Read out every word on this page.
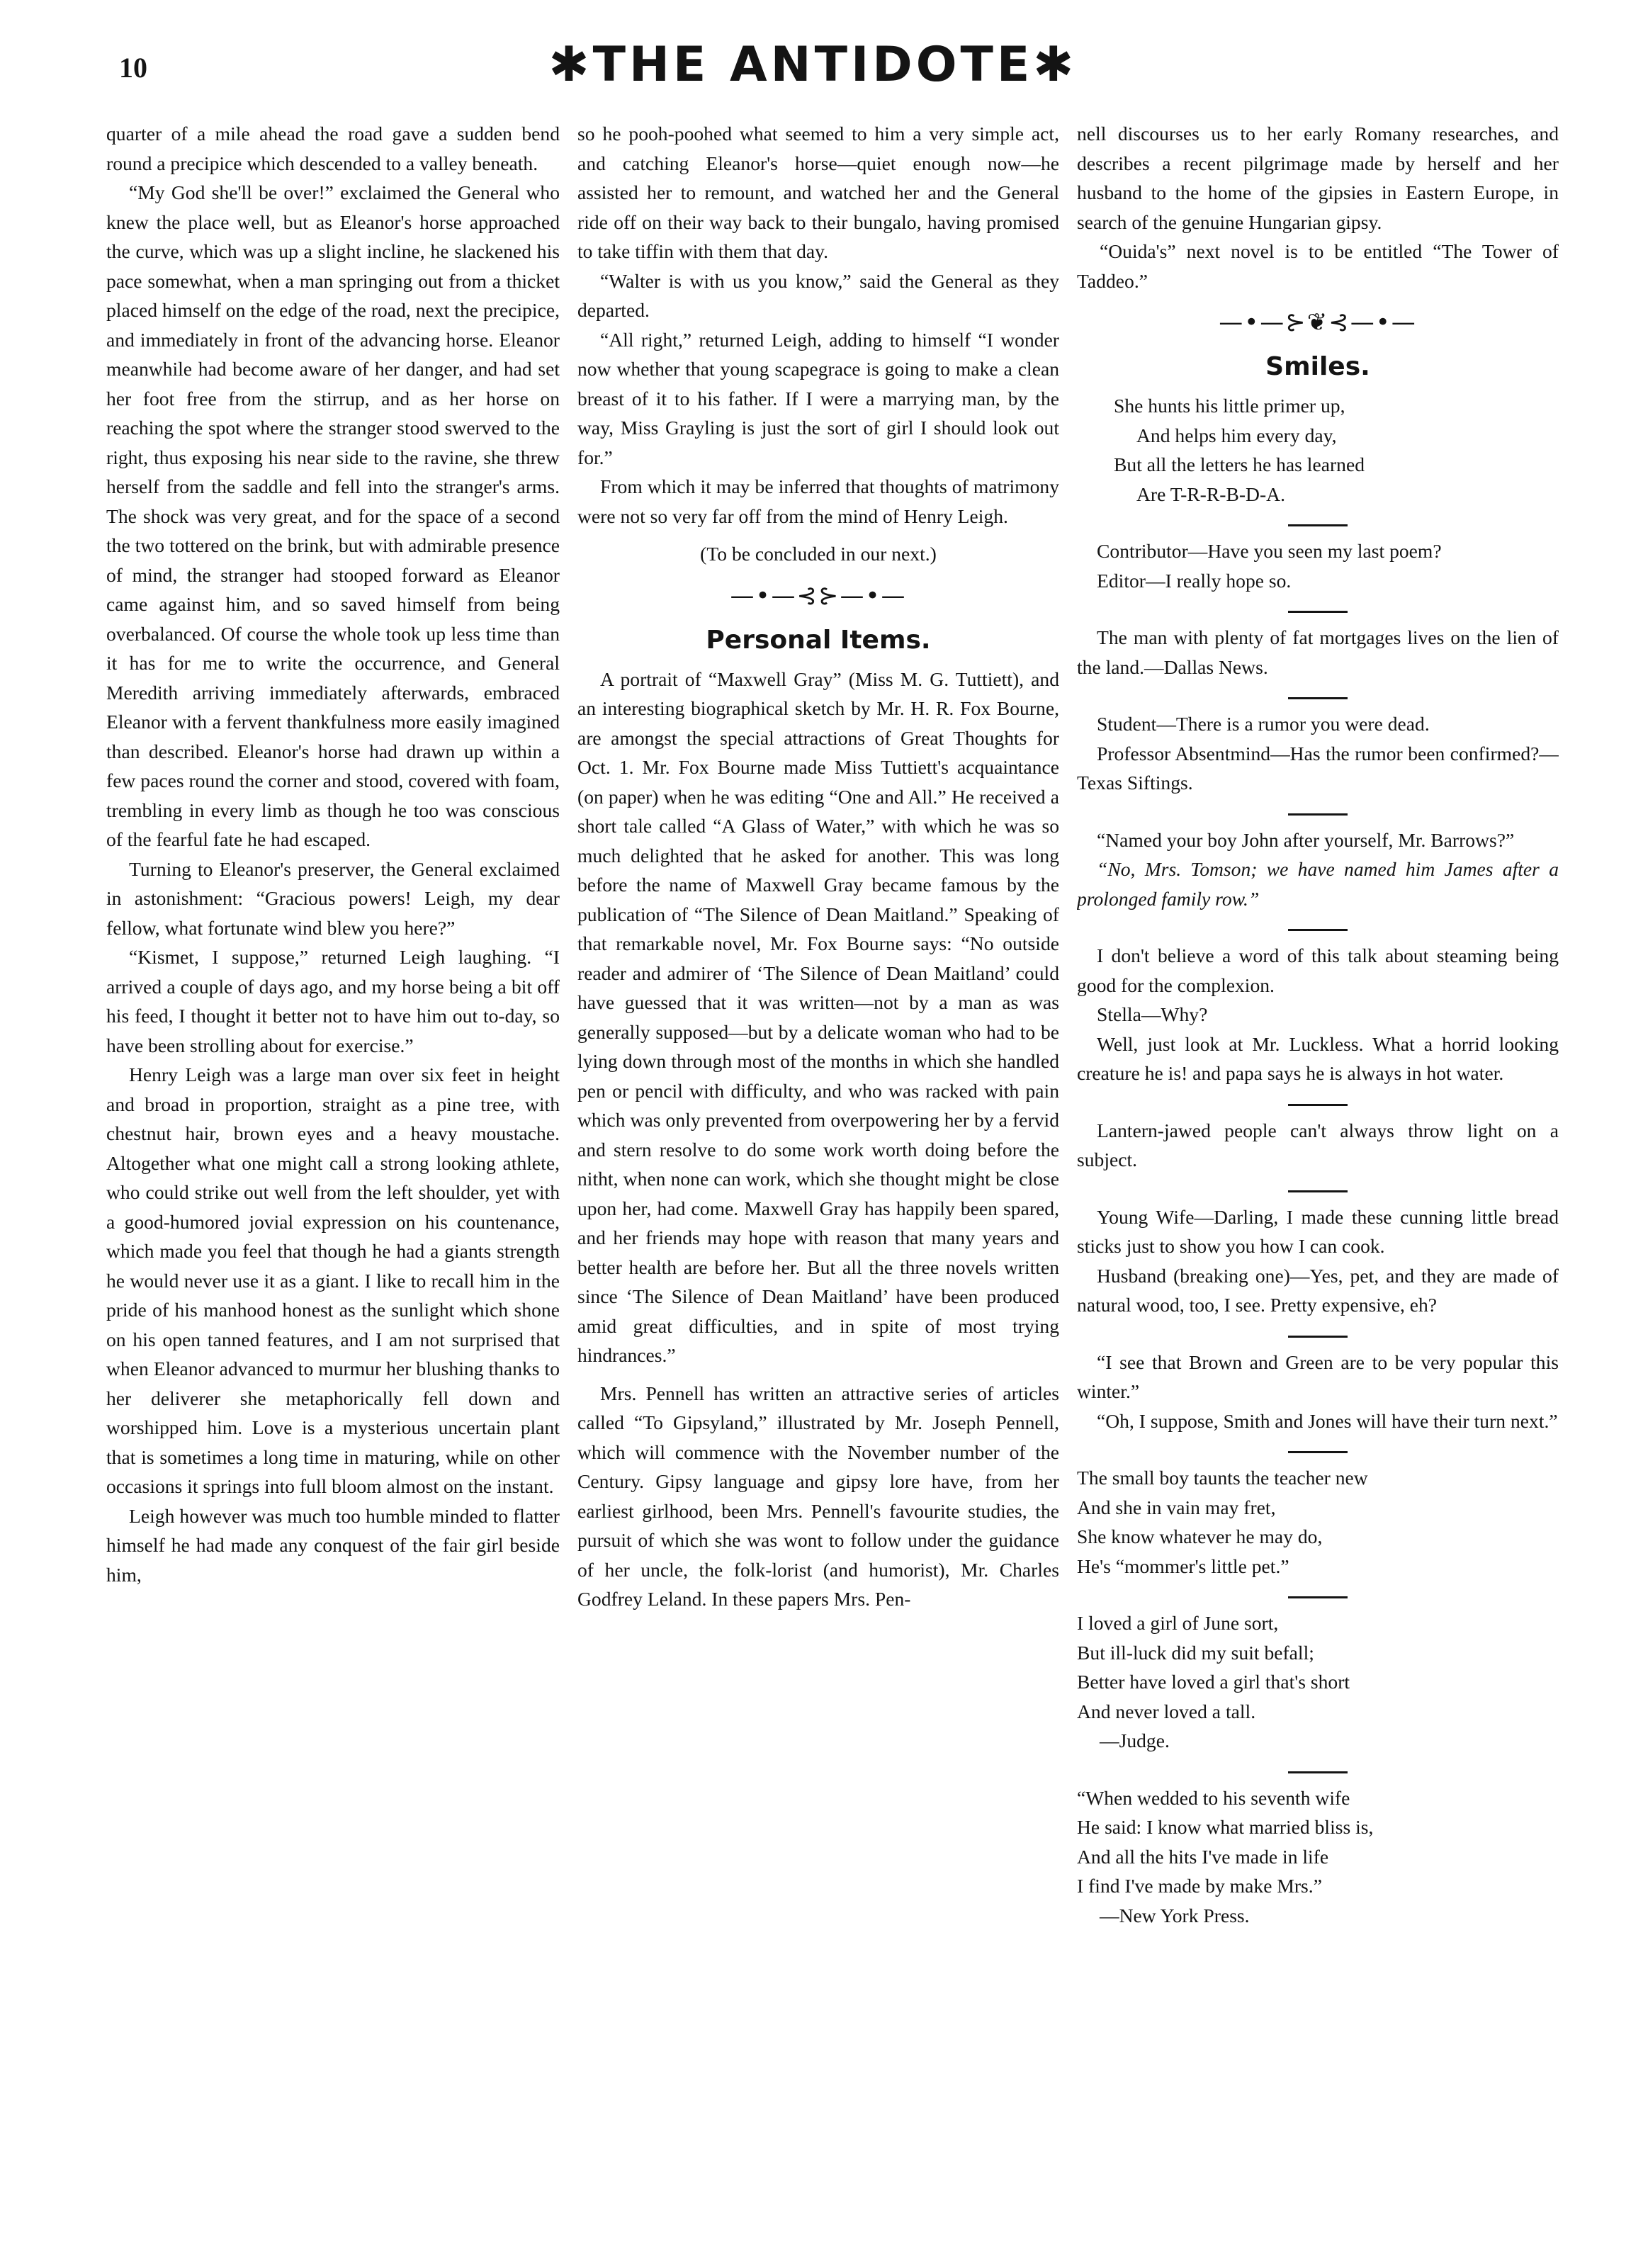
10	✱THE ANTIDOTE✱

quarter of a mile ahead the road gave a sudden bend round a precipice which descended to a valley beneath.

“My God she'll be over!” exclaimed the General who knew the place well, but as Eleanor's horse approached the curve, which was up a slight incline, he slackened his pace somewhat, when a man springing out from a thicket placed himself on the edge of the road, next the precipice, and immediately in front of the advancing horse. Eleanor meanwhile had become aware of her danger, and had set her foot free from the stirrup, and as her horse on reaching the spot where the stranger stood swerved to the right, thus exposing his near side to the ravine, she threw herself from the saddle and fell into the stranger's arms. The shock was very great, and for the space of a second the two tottered on the brink, but with admirable presence of mind, the stranger had stooped forward as Eleanor came against him, and so saved himself from being overbalanced. Of course the whole took up less time than it has for me to write the occurrence, and General Meredith arriving immediately afterwards, embraced Eleanor with a fervent thankfulness more easily imagined than described. Eleanor's horse had drawn up within a few paces round the corner and stood, covered with foam, trembling in every limb as though he too was conscious of the fearful fate he had escaped.

Turning to Eleanor's preserver, the General exclaimed in astonishment: “Gracious powers! Leigh, my dear fellow, what fortunate wind blew you here?”

“Kismet, I suppose,” returned Leigh laughing. “I arrived a couple of days ago, and my horse being a bit off his feed, I thought it better not to have him out to-day, so have been strolling about for exercise.”

Henry Leigh was a large man over six feet in height and broad in proportion, straight as a pine tree, with chestnut hair, brown eyes and a heavy moustache. Altogether what one might call a strong looking athlete, who could strike out well from the left shoulder, yet with a good-humored jovial expression on his countenance, which made you feel that though he had a giants strength he would never use it as a giant. I like to recall him in the pride of his manhood honest as the sunlight which shone on his open tanned features, and I am not surprised that when Eleanor advanced to murmur her blushing thanks to her deliverer she metaphorically fell down and worshipped him. Love is a mysterious uncertain plant that is sometimes a long time in maturing, while on other occasions it springs into full bloom almost on the instant.

Leigh however was much too humble minded to flatter himself he had made any conquest of the fair girl beside him,

so he pooh-poohed what seemed to him a very simple act, and catching Eleanor's horse—quiet enough now—he assisted her to remount, and watched her and the General ride off on their way back to their bungalo, having promised to take tiffin with them that day.

“Walter is with us you know,” said the General as they departed.

“All right,” returned Leigh, adding to himself “I wonder now whether that young scapegrace is going to make a clean breast of it to his father. If I were a marrying man, by the way, Miss Grayling is just the sort of girl I should look out for.”

From which it may be inferred that thoughts of matrimony were not so very far off from the mind of Henry Leigh.

(To be concluded in our next.)

—•—⊰⊱—•—
Personal Items.

A portrait of “Maxwell Gray” (Miss M. G. Tuttiett), and an interesting biographical sketch by Mr. H. R. Fox Bourne, are amongst the special attractions of Great Thoughts for Oct. 1. Mr. Fox Bourne made Miss Tuttiett's acquaintance (on paper) when he was editing “One and All.” He received a short tale called “A Glass of Water,” with which he was so much delighted that he asked for another. This was long before the name of Maxwell Gray became famous by the publication of “The Silence of Dean Maitland.” Speaking of that remarkable novel, Mr. Fox Bourne says: “No outside reader and admirer of ‘The Silence of Dean Maitland’ could have guessed that it was written—not by a man as was generally supposed—but by a delicate woman who had to be lying down through most of the months in which she handled pen or pencil with difficulty, and who was racked with pain which was only prevented from overpowering her by a fervid and stern resolve to do some work worth doing before the nitht, when none can work, which she thought might be close upon her, had come. Maxwell Gray has happily been spared, and her friends may hope with reason that many years and better health are before her. But all the three novels written since ‘The Silence of Dean Maitland’ have been produced amid great difficulties, and in spite of most trying hindrances.”

Mrs. Pennell has written an attractive series of articles called “To Gipsyland,” illustrated by Mr. Joseph Pennell, which will commence with the November number of the Century. Gipsy language and gipsy lore have, from her earliest girlhood, been Mrs. Pennell's favourite studies, the pursuit of which she was wont to follow under the guidance of her uncle, the folk-lorist (and humorist), Mr. Charles Godfrey Leland. In these papers Mrs. Pen-

nell discourses us to her early Romany researches, and describes a recent pilgrimage made by herself and her husband to the home of the gipsies in Eastern Europe, in search of the genuine Hungarian gipsy.

“Ouida's” next novel is to be entitled “The Tower of Taddeo.”

—•—⊱❦⊰—•—
Smiles.
She hunts his little primer up,
And helps him every day,
But all the letters he has learned
Are T-R-R-B-D-A.

Contributor—Have you seen my last poem?

Editor—I really hope so.

The man with plenty of fat mortgages lives on the lien of the land.—Dallas News.

Student—There is a rumor you were dead.

Professor Absentmind—Has the rumor been confirmed?—Texas Siftings.

“Named your boy John after yourself, Mr. Barrows?”

“No, Mrs. Tomson; we have named him James after a prolonged family row.”

I don't believe a word of this talk about steaming being good for the complexion.

Stella—Why?

Well, just look at Mr. Luckless. What a horrid looking creature he is! and papa says he is always in hot water.

Lantern-jawed people can't always throw light on a subject.

Young Wife—Darling, I made these cunning little bread sticks just to show you how I can cook.

Husband (breaking one)—Yes, pet, and they are made of natural wood, too, I see. Pretty expensive, eh?

“I see that Brown and Green are to be very popular this winter.”

“Oh, I suppose, Smith and Jones will have their turn next.”

The small boy taunts the teacher new
And she in vain may fret,
She know whatever he may do,
He's “mommer's little pet.”
I loved a girl of June sort,
But ill-luck did my suit befall;
Better have loved a girl that's short
And never loved a tall.

—Judge.

“When wedded to his seventh wife
He said: I know what married bliss is,
And all the hits I've made in life
I find I've made by make Mrs.”

—New York Press.
